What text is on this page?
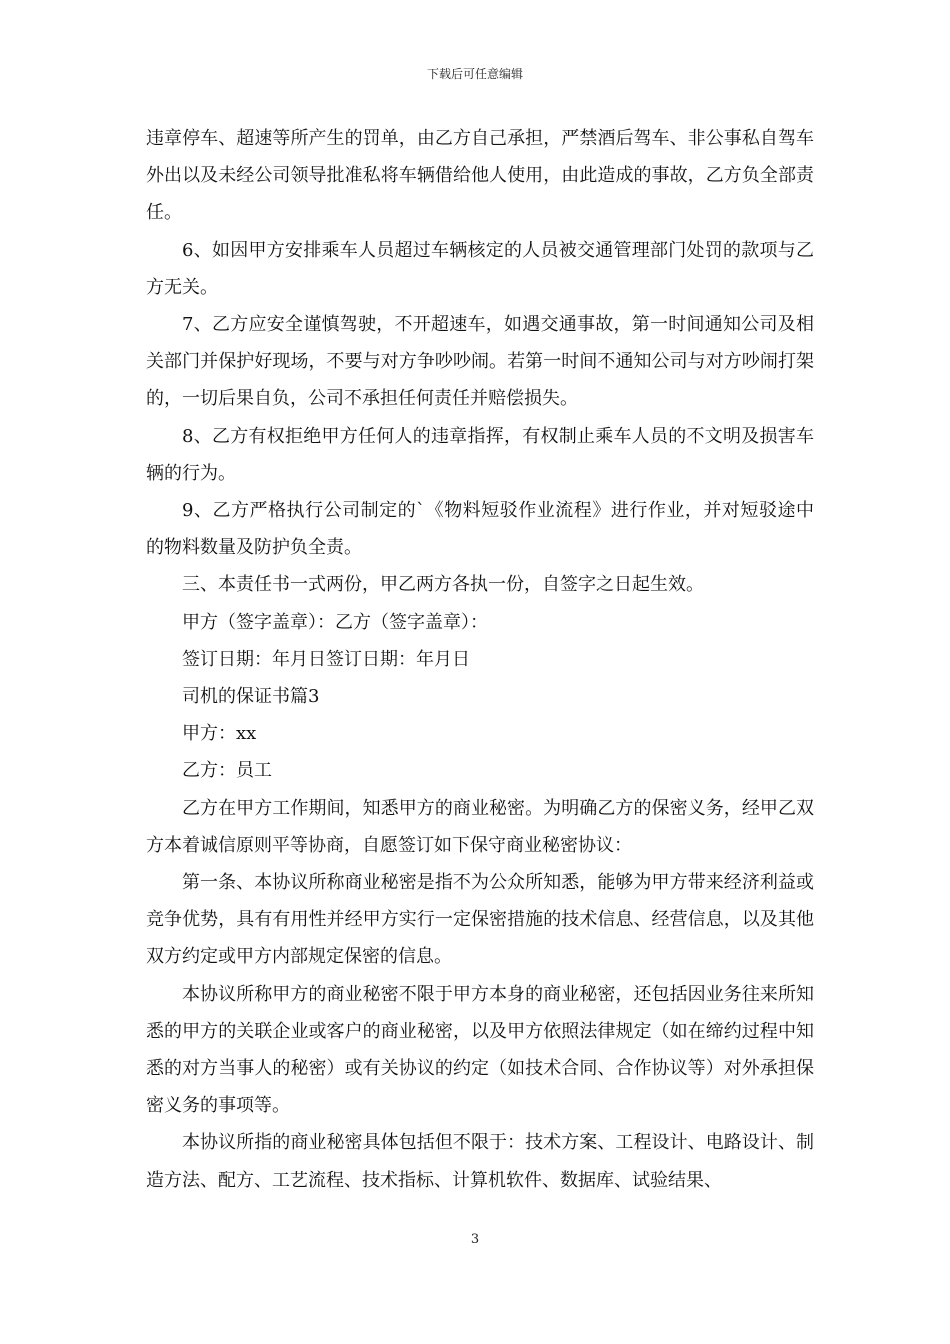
下载后可任意编辑

违章停车、超速等所产生的罚单，由乙方自己承担，严禁酒后驾车、非公事私自驾车外出以及未经公司领导批准私将车辆借给他人使用，由此造成的事故，乙方负全部责任。

6、如因甲方安排乘车人员超过车辆核定的人员被交通管理部门处罚的款项与乙方无关。

7、乙方应安全谨慎驾驶，不开超速车，如遇交通事故，第一时间通知公司及相关部门并保护好现场，不要与对方争吵吵闹。若第一时间不通知公司与对方吵闹打架的，一切后果自负，公司不承担任何责任并赔偿损失。

8、乙方有权拒绝甲方任何人的违章指挥，有权制止乘车人员的不文明及损害车辆的行为。

9、乙方严格执行公司制定的`《物料短驳作业流程》进行作业，并对短驳途中的物料数量及防护负全责。

三、本责任书一式两份，甲乙两方各执一份，自签字之日起生效。

甲方（签字盖章）：乙方（签字盖章）：

签订日期：年月日签订日期：年月日

司机的保证书篇3

甲方：xx

乙方：员工

乙方在甲方工作期间，知悉甲方的商业秘密。为明确乙方的保密义务，经甲乙双方本着诚信原则平等协商，自愿签订如下保守商业秘密协议：

第一条、本协议所称商业秘密是指不为公众所知悉，能够为甲方带来经济利益或竞争优势，具有有用性并经甲方实行一定保密措施的技术信息、经营信息，以及其他双方约定或甲方内部规定保密的信息。

本协议所称甲方的商业秘密不限于甲方本身的商业秘密，还包括因业务往来所知悉的甲方的关联企业或客户的商业秘密，以及甲方依照法律规定（如在缔约过程中知悉的对方当事人的秘密）或有关协议的约定（如技术合同、合作协议等）对外承担保密义务的事项等。

本协议所指的商业秘密具体包括但不限于：技术方案、工程设计、电路设计、制造方法、配方、工艺流程、技术指标、计算机软件、数据库、试验结果、

3
